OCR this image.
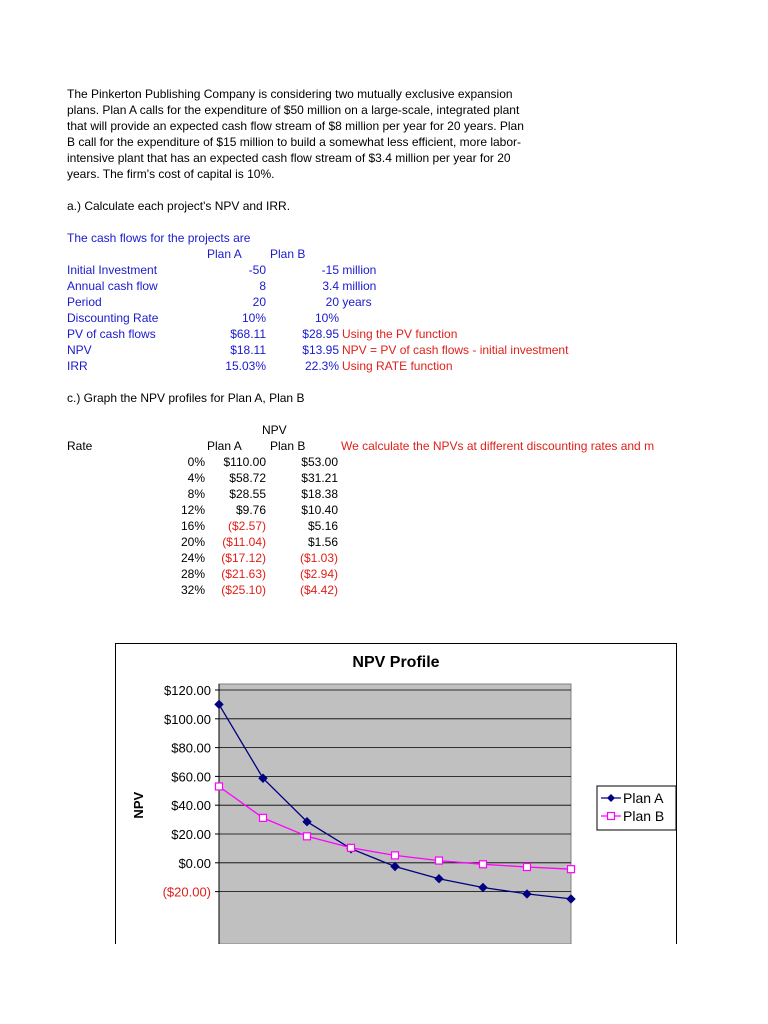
The Pinkerton Publishing Company is considering two mutually exclusive expansion
plans. Plan A calls for the expenditure of $50 million on a large-scale, integrated plant
that will provide an expected cash flow stream of $8 million per year for 20 years. Plan
B call for the expenditure of $15 million to build a somewhat less efficient, more labor-
intensive plant that has an expected cash flow stream of $3.4 million per year for 20
years. The firm's cost of capital is 10%.
a.) Calculate each project's NPV and IRR.
The cash flows for the projects are
Plan A Plan B
Initial Investment	-50	-15 million
Annual cash flow	8	3.4 million
Period	20	20 years
Discounting Rate	10%	10%
PV of cash flows	$68.11	$28.95 Using the PV function
NPV	$18.11	$13.95 NPV = PV of cash flows - initial investment
IRR	15.03%	22.3% Using RATE function
c.) Graph the NPV profiles for Plan A, Plan B
NPV
Rate	Plan A Plan B	We calculate the NPVs at different discounting rates and m
0%	$110.00	$53.00
4%	$58.72	$31.21
8%	$28.55	$18.38
12%	$9.76	$10.40
16%	($2.57)	$5.16
20%	($11.04)	$1.56
24%	($17.12)	($1.03)
28%	($21.63)	($2.94)
32%	($25.10)	($4.42)
NPV Profile
$120.00
$100.00
$80.00
$60.00
$40.00
$20.00
$0.00
($20.00)
NPV	Plan A
Plan B
